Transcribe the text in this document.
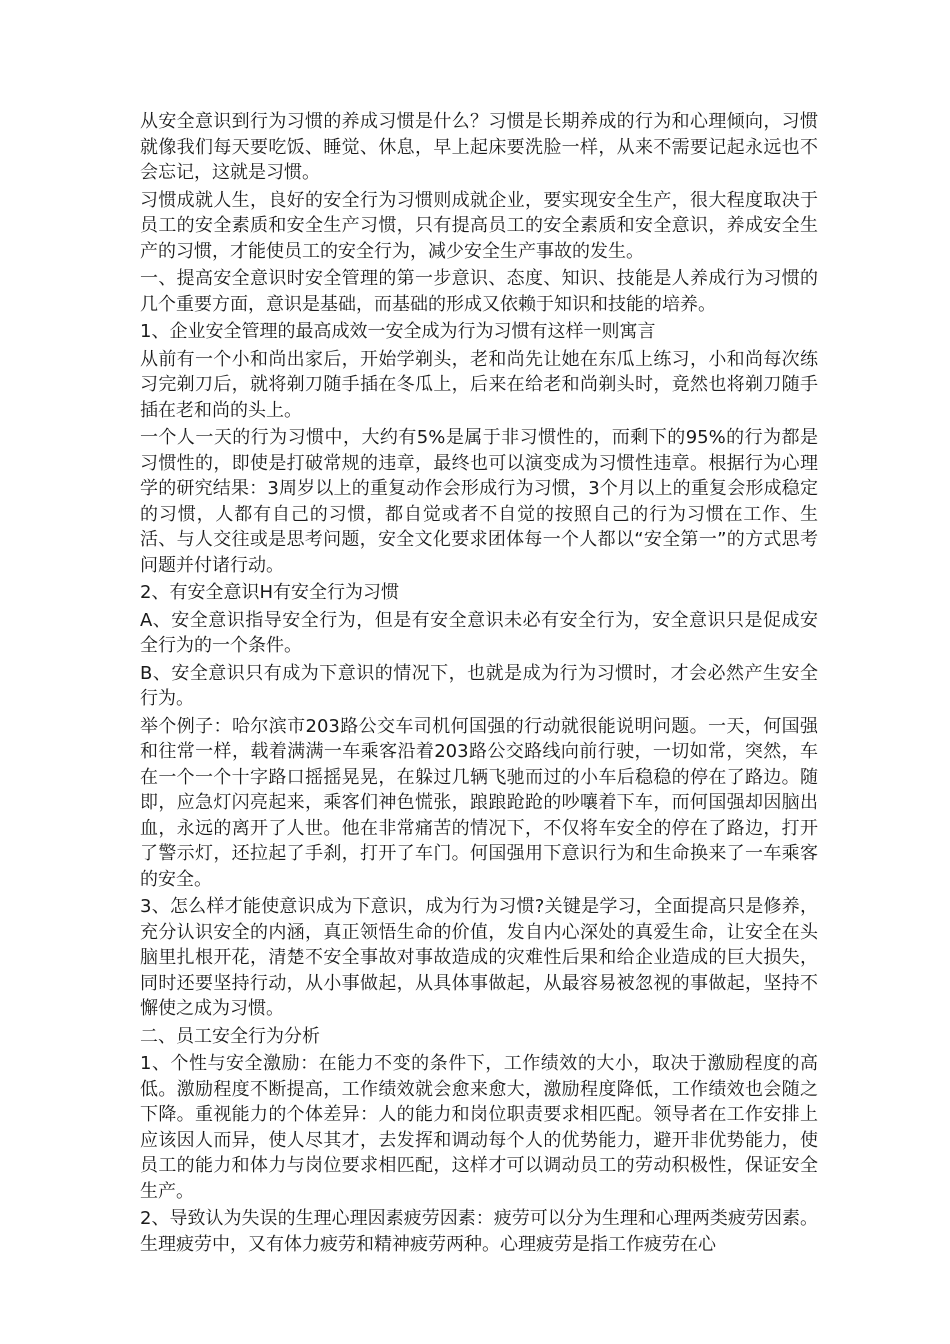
从安全意识到行为习惯的养成习惯是什么？习惯是长期养成的行为和心理倾向，习惯就像我们每天要吃饭、睡觉、休息，早上起床要洗脸一样，从来不需要记起永远也不会忘记，这就是习惯。

习惯成就人生，良好的安全行为习惯则成就企业，要实现安全生产，很大程度取决于员工的安全素质和安全生产习惯，只有提高员工的安全素质和安全意识，养成安全生产的习惯，才能使员工的安全行为，减少安全生产事故的发生。

一、提高安全意识时安全管理的第一步意识、态度、知识、技能是人养成行为习惯的几个重要方面，意识是基础，而基础的形成又依赖于知识和技能的培养。

1、企业安全管理的最高成效一安全成为行为习惯有这样一则寓言

从前有一个小和尚出家后，开始学剃头，老和尚先让她在东瓜上练习，小和尚每次练习完剃刀后，就将剃刀随手插在冬瓜上，后来在给老和尚剃头时，竟然也将剃刀随手插在老和尚的头上。

一个人一天的行为习惯中，大约有5%是属于非习惯性的，而剩下的95%的行为都是习惯性的，即使是打破常规的违章，最终也可以演变成为习惯性违章。根据行为心理学的研究结果：3周岁以上的重复动作会形成行为习惯，3个月以上的重复会形成稳定的习惯，人都有自己的习惯，都自觉或者不自觉的按照自己的行为习惯在工作、生活、与人交往或是思考问题，安全文化要求团体每一个人都以“安全第一”的方式思考问题并付诸行动。

2、有安全意识H有安全行为习惯

A、安全意识指导安全行为，但是有安全意识未必有安全行为，安全意识只是促成安全行为的一个条件。

B、安全意识只有成为下意识的情况下，也就是成为行为习惯时，才会必然产生安全行为。

举个例子：哈尔滨市203路公交车司机何国强的行动就很能说明问题。一天，何国强和往常一样，载着满满一车乘客沿着203路公交路线向前行驶，一切如常，突然，车在一个一个十字路口摇摇晃晃，在躲过几辆飞驰而过的小车后稳稳的停在了路边。随即，应急灯闪亮起来，乘客们神色慌张，踉踉跄跄的吵嚷着下车，而何国强却因脑出血，永远的离开了人世。他在非常痛苦的情况下，不仅将车安全的停在了路边，打开了警示灯，还拉起了手刹，打开了车门。何国强用下意识行为和生命换来了一车乘客的安全。

3、怎么样才能使意识成为下意识，成为行为习惯?关键是学习，全面提高只是修养，充分认识安全的内涵，真正领悟生命的价值，发自内心深处的真爱生命，让安全在头脑里扎根开花，清楚不安全事故对事故造成的灾难性后果和给企业造成的巨大损失，同时还要坚持行动，从小事做起，从具体事做起，从最容易被忽视的事做起，坚持不懈使之成为习惯。

二、员工安全行为分析

1、个性与安全激励：在能力不变的条件下，工作绩效的大小，取决于激励程度的高低。激励程度不断提高，工作绩效就会愈来愈大，激励程度降低，工作绩效也会随之下降。重视能力的个体差异：人的能力和岗位职责要求相匹配。领导者在工作安排上应该因人而异，使人尽其才，去发挥和调动每个人的优势能力，避开非优势能力，使员工的能力和体力与岗位要求相匹配，这样才可以调动员工的劳动积极性，保证安全生产。

2、导致认为失误的生理心理因素疲劳因素：疲劳可以分为生理和心理两类疲劳因素。生理疲劳中，又有体力疲劳和精神疲劳两种。心理疲劳是指工作疲劳在心
